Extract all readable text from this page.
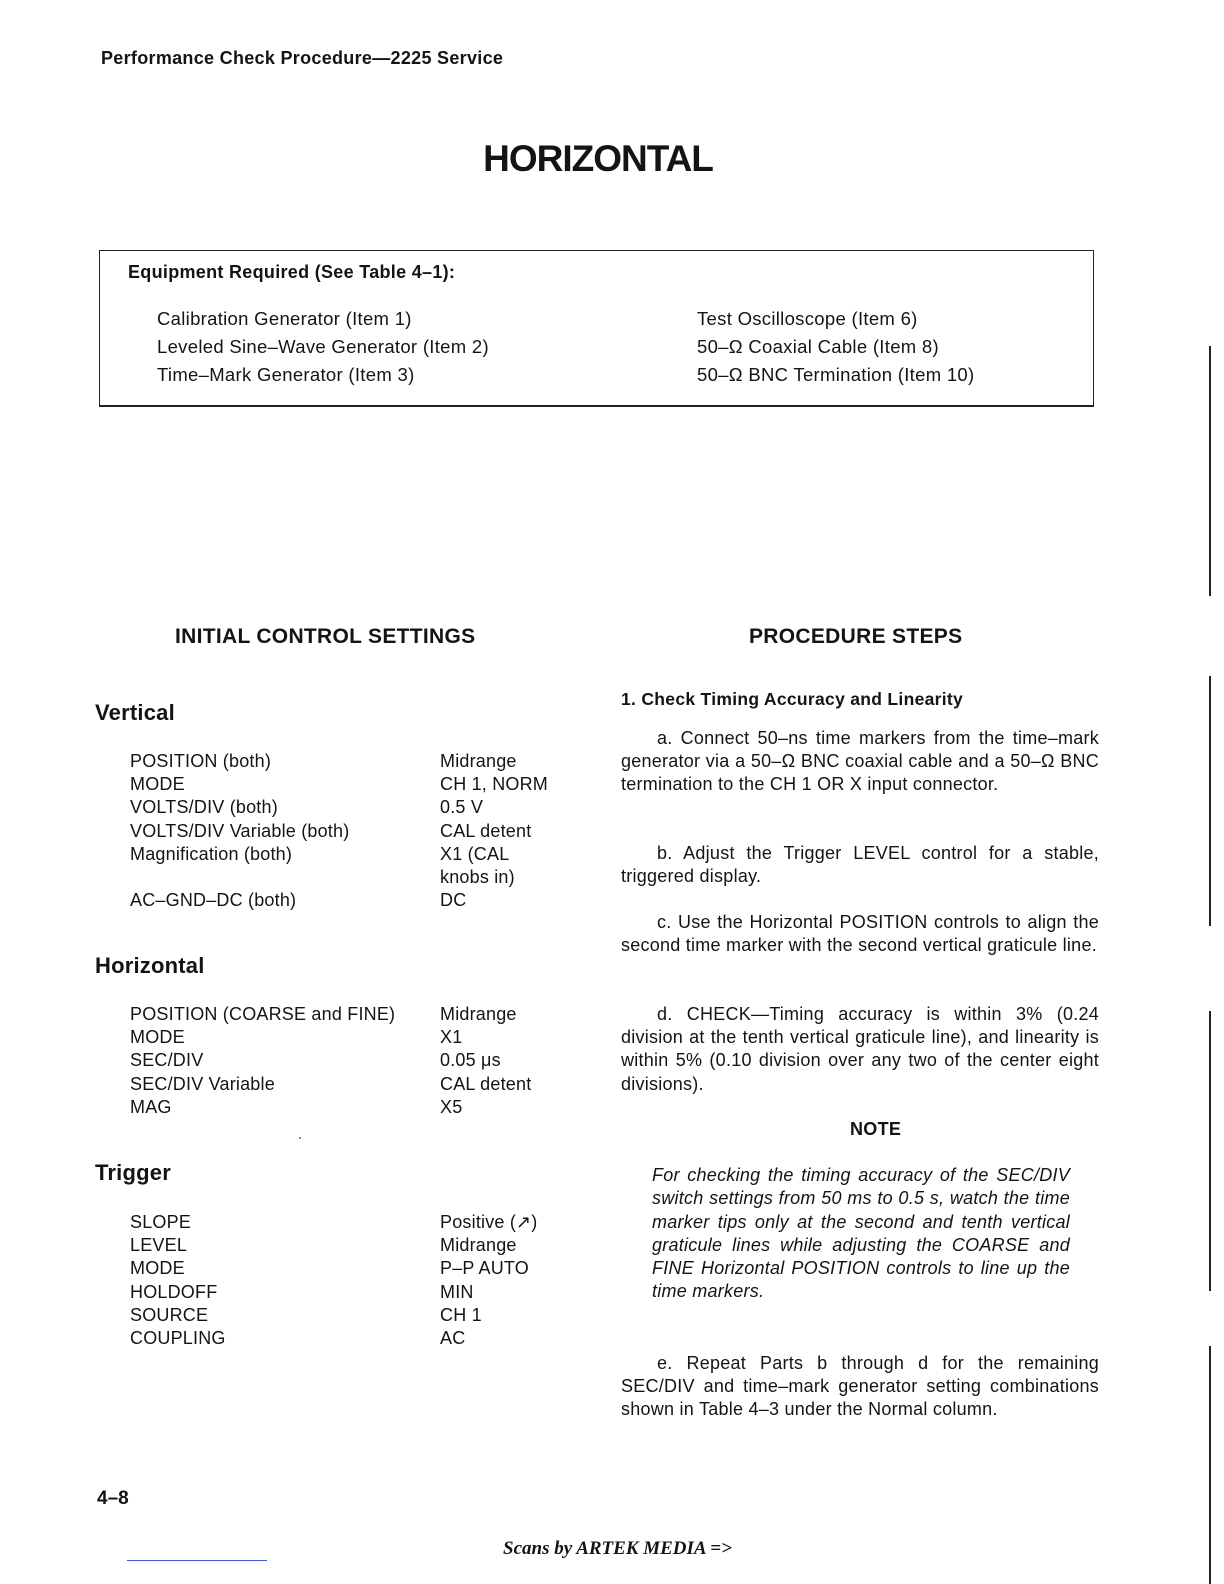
Performance Check Procedure—2225 Service
HORIZONTAL
Equipment Required (See Table 4–1):
Calibration Generator (Item 1)
Leveled Sine–Wave Generator (Item 2)
Time–Mark Generator (Item 3)
Test Oscilloscope (Item 6)
50–Ω Coaxial Cable (Item 8)
50–Ω BNC Termination (Item 10)
INITIAL CONTROL SETTINGS	PROCEDURE STEPS
Vertical
POSITION (both)	Midrange
MODE	CH 1, NORM
VOLTS/DIV (both)	0.5 V
VOLTS/DIV Variable (both)	CAL detent
Magnification (both)	X1 (CAL knobs in)
AC–GND–DC (both)	DC
Horizontal
POSITION (COARSE and FINE)	Midrange
MODE	X1
SEC/DIV	0.05 μs
SEC/DIV Variable	CAL detent
MAG	X5
Trigger
SLOPE	Positive (↗)
LEVEL	Midrange
MODE	P–P AUTO
HOLDOFF	MIN
SOURCE	CH 1
COUPLING	AC
1. Check Timing Accuracy and Linearity

a. Connect 50–ns time markers from the time–mark generator via a 50–Ω BNC coaxial cable and a 50–Ω BNC termination to the CH 1 OR X input connector.

b. Adjust the Trigger LEVEL control for a stable, triggered display.

c. Use the Horizontal POSITION controls to align the second time marker with the second vertical graticule line.

d. CHECK—Timing accuracy is within 3% (0.24 division at the tenth vertical graticule line), and linearity is within 5% (0.10 division over any two of the center eight divisions).

NOTE
For checking the timing accuracy of the SEC/DIV switch settings from 50 ms to 0.5 s, watch the time marker tips only at the second and tenth vertical graticule lines while adjusting the COARSE and FINE Horizontal POSITION controls to line up the time markers.

e. Repeat Parts b through d for the remaining SEC/DIV and time–mark generator setting combinations shown in Table 4–3 under the Normal column.

4–8
Scans by ARTEK MEDIA =>
